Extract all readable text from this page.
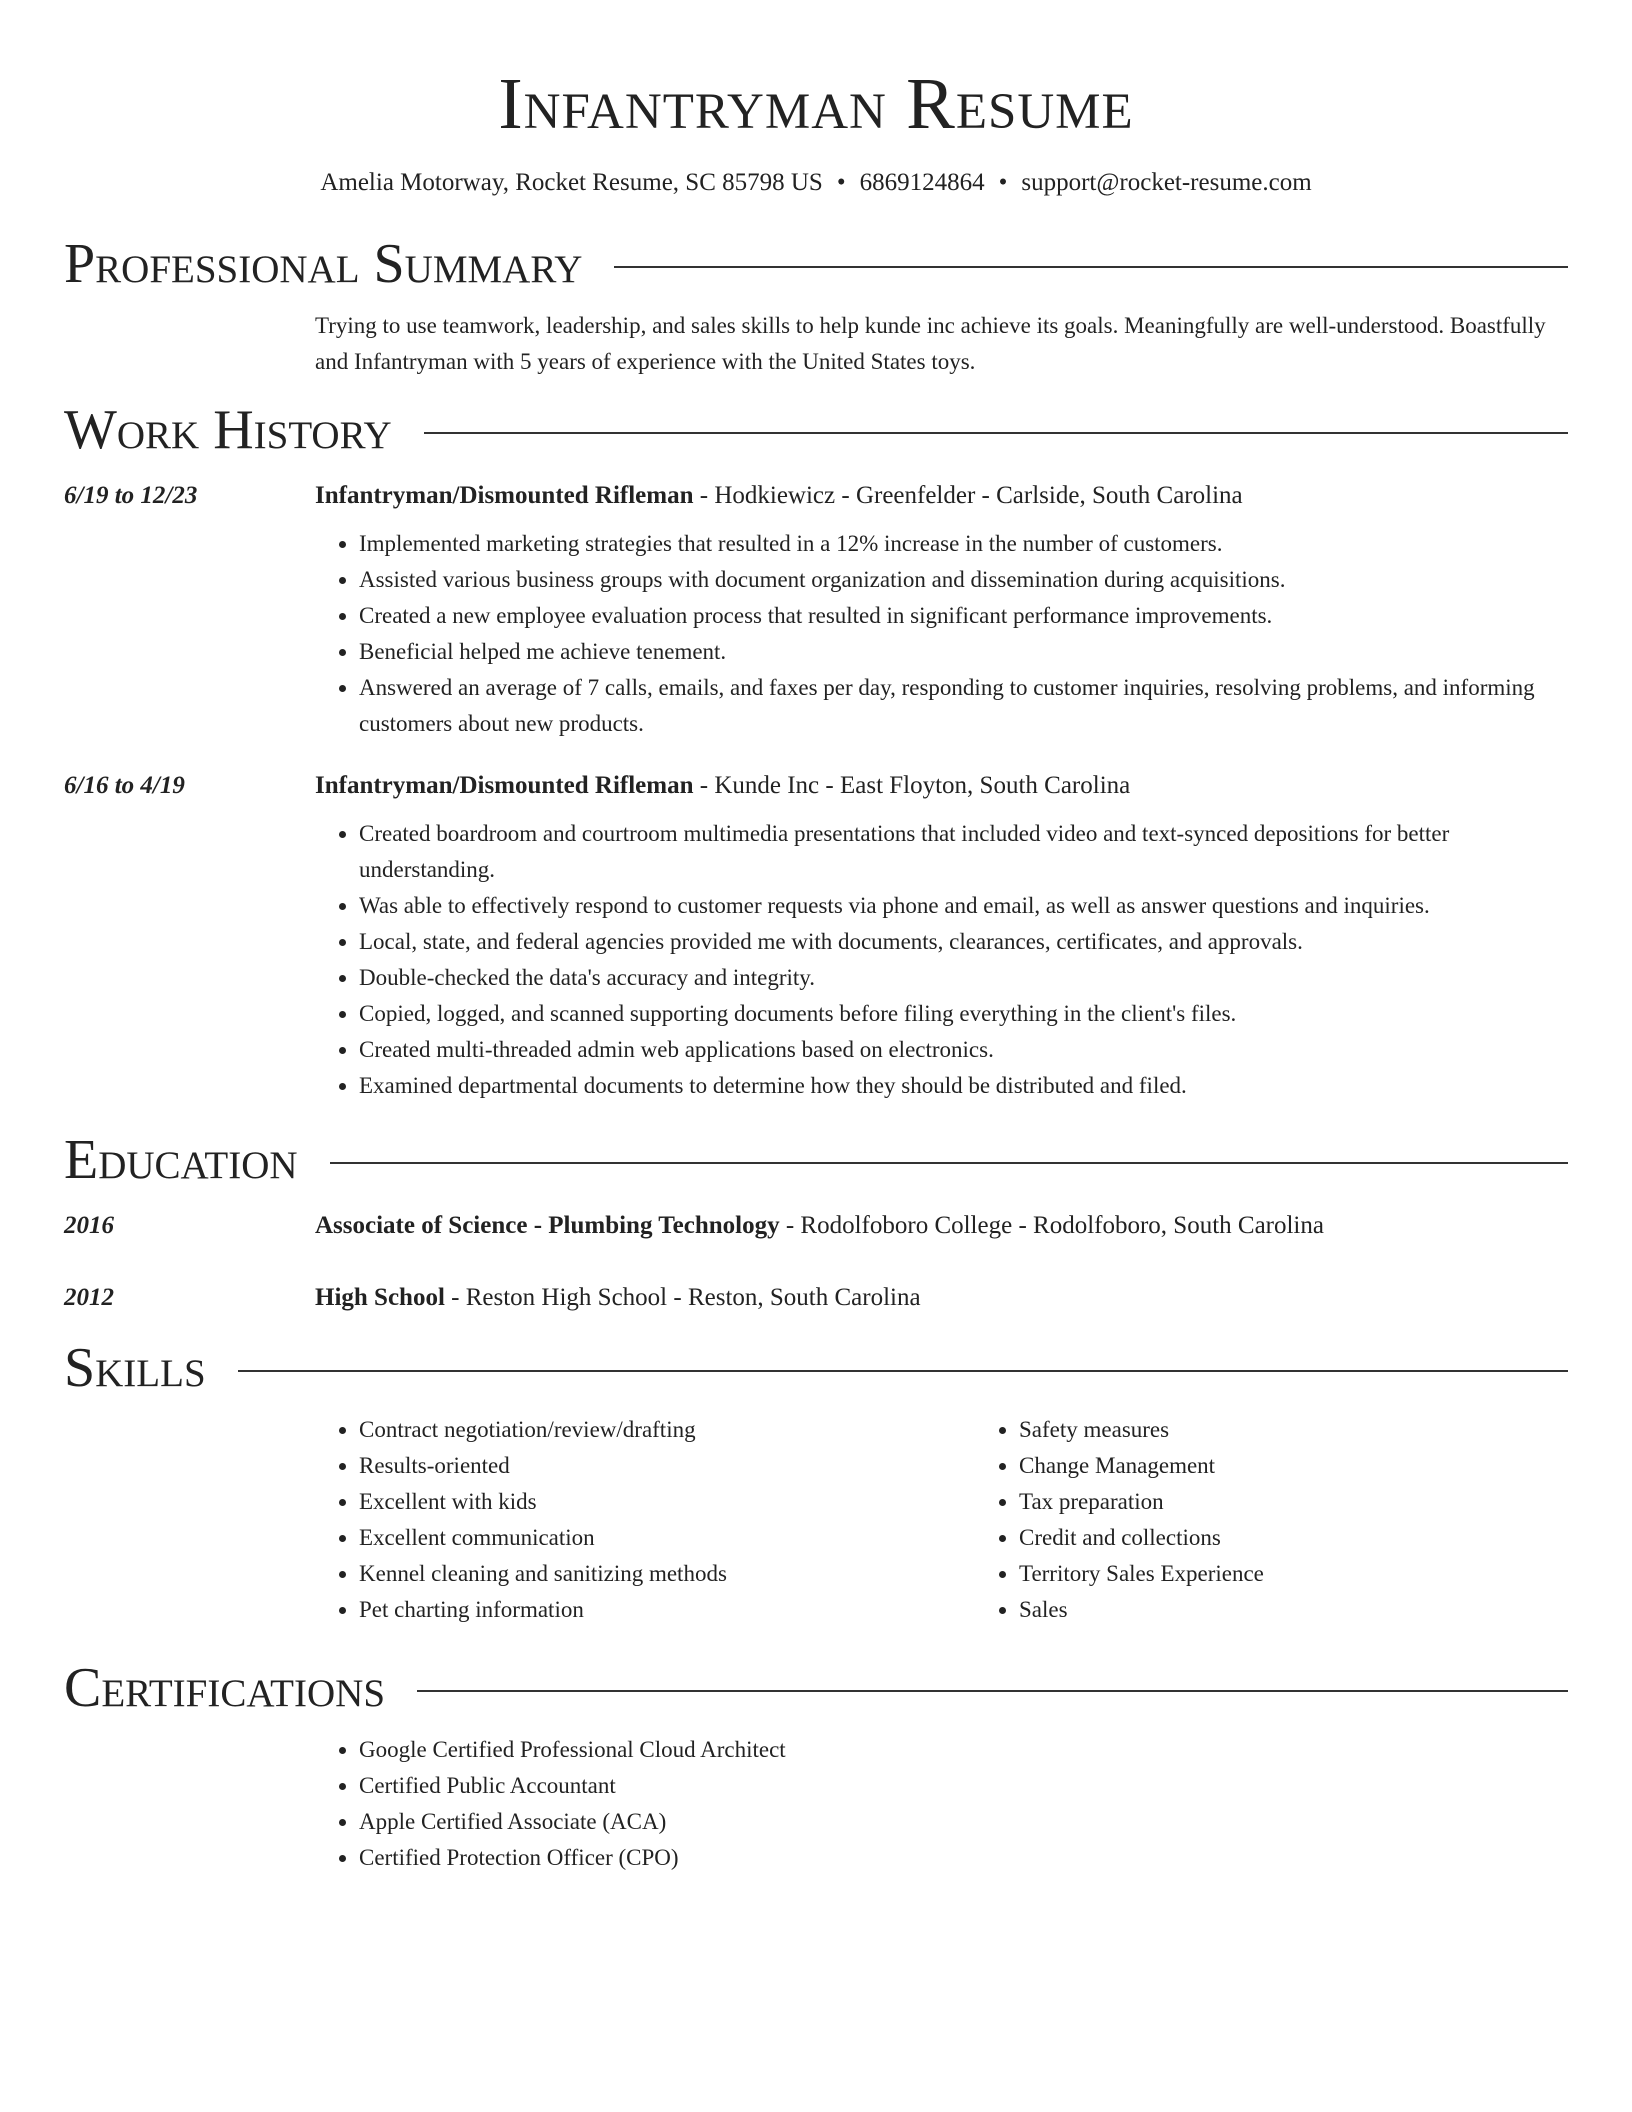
Infantryman Resume
Amelia Motorway, Rocket Resume, SC 85798 US • 6869124864 • support@rocket-resume.com
Professional Summary
Trying to use teamwork, leadership, and sales skills to help kunde inc achieve its goals. Meaningfully are well-understood. Boastfully and Infantryman with 5 years of experience with the United States toys.
Work History
6/19 to 12/23	Infantryman/Dismounted Rifleman - Hodkiewicz - Greenfelder - Carlside, South Carolina
• Implemented marketing strategies that resulted in a 12% increase in the number of customers.
• Assisted various business groups with document organization and dissemination during acquisitions.
• Created a new employee evaluation process that resulted in significant performance improvements.
• Beneficial helped me achieve tenement.
• Answered an average of 7 calls, emails, and faxes per day, responding to customer inquiries, resolving problems, and informing customers about new products.
6/16 to 4/19	Infantryman/Dismounted Rifleman - Kunde Inc - East Floyton, South Carolina
• Created boardroom and courtroom multimedia presentations that included video and text-synced depositions for better understanding.
• Was able to effectively respond to customer requests via phone and email, as well as answer questions and inquiries.
• Local, state, and federal agencies provided me with documents, clearances, certificates, and approvals.
• Double-checked the data's accuracy and integrity.
• Copied, logged, and scanned supporting documents before filing everything in the client's files.
• Created multi-threaded admin web applications based on electronics.
• Examined departmental documents to determine how they should be distributed and filed.
Education
2016	Associate of Science - Plumbing Technology - Rodolfoboro College - Rodolfoboro, South Carolina
2012	High School - Reston High School - Reston, South Carolina
Skills
• Contract negotiation/review/drafting
• Results-oriented
• Excellent with kids
• Excellent communication
• Kennel cleaning and sanitizing methods
• Pet charting information
• Safety measures
• Change Management
• Tax preparation
• Credit and collections
• Territory Sales Experience
• Sales
Certifications
• Google Certified Professional Cloud Architect
• Certified Public Accountant
• Apple Certified Associate (ACA)
• Certified Protection Officer (CPO)
